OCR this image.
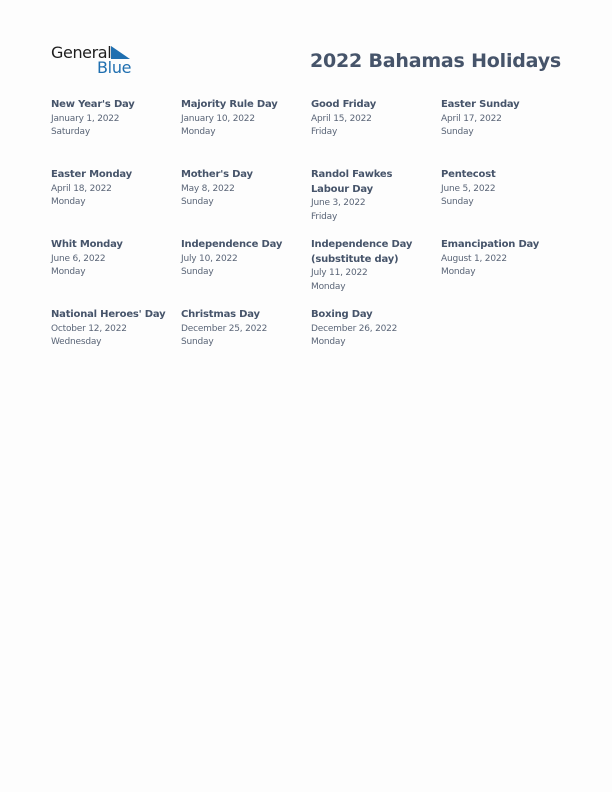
General
Blue	2022 Bahamas Holidays
New Year's Day
January 1, 2022
Saturday
Majority Rule Day
January 10, 2022
Monday
Good Friday
April 15, 2022
Friday
Easter Sunday
April 17, 2022
Sunday
Easter Monday
April 18, 2022
Monday
Mother's Day
May 8, 2022
Sunday
Randol Fawkes Labour Day
June 3, 2022
Friday
Pentecost
June 5, 2022
Sunday
Whit Monday
June 6, 2022
Monday
Independence Day
July 10, 2022
Sunday
Independence Day (substitute day)
July 11, 2022
Monday
Emancipation Day
August 1, 2022
Monday
National Heroes' Day
October 12, 2022
Wednesday
Christmas Day
December 25, 2022
Sunday
Boxing Day
December 26, 2022
Monday
